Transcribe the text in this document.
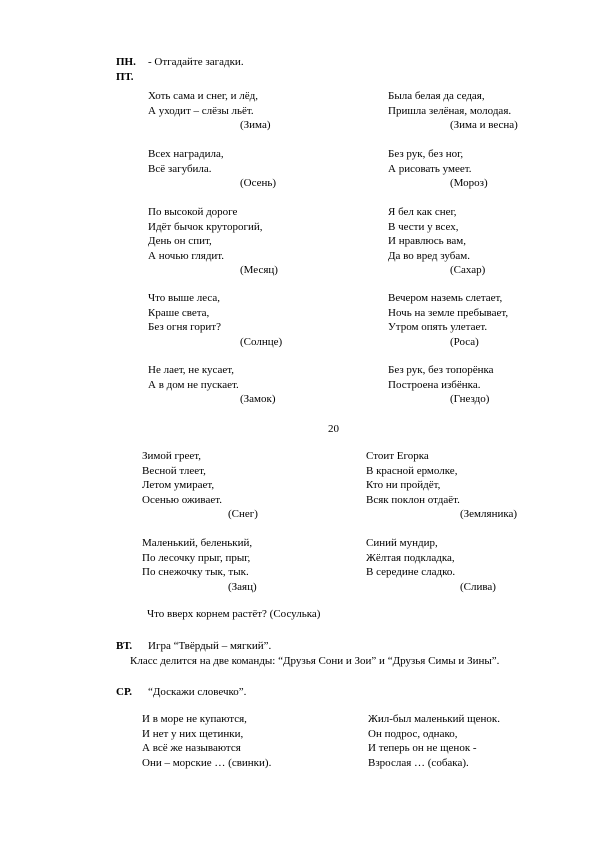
ПН. - Отгадайте загадки.
ПТ.
Хоть сама и снег, и лёд,
А уходит – слёзы льёт.
(Зима)
Была белая да седая,
Пришла зелёная, молодая.
(Зима и весна)
Всех наградила,
Всё загубила.
(Осень)
Без рук, без ног,
А рисовать умеет.
(Мороз)
По высокой дороге
Идёт бычок круторогий,
День он спит,
А ночью глядит.
(Месяц)
Я бел как снег,
В чести у всех,
И нравлюсь вам,
Да во вред зубам.
(Сахар)
Что выше леса,
Краше света,
Без огня горит?
(Солнце)
Вечером наземь слетает,
Ночь на земле пребывает,
Утром опять улетает.
(Роса)
Не лает, не кусает,
А в дом не пускает.
(Замок)
Без рук, без топорёнка
Построена избёнка.
(Гнездо)
20
Зимой греет,
Весной тлеет,
Летом умирает,
Осенью оживает.
(Снег)
Стоит Егорка
В красной ермолке,
Кто ни пройдёт,
Всяк поклон отдаёт.
(Земляника)
Маленький, беленький,
По лесочку прыг, прыг,
По снежочку тык, тык.
(Заяц)
Синий мундир,
Жёлтая подкладка,
В середине сладко.
(Слива)
Что вверх корнем растёт? (Сосулька)
ВТ. Игра “Твёрдый – мягкий”.
Класс делится на две команды: “Друзья Сони и Зои” и “Друзья Симы и Зины”.
СР. “Доскажи словечко”.
И в море не купаются,
И нет у них щетинки,
А всё же называются
Они – морские … (свинки).
Жил-был маленький щенок.
Он подрос, однако,
И теперь он не щенок -
Взрослая … (собака).
